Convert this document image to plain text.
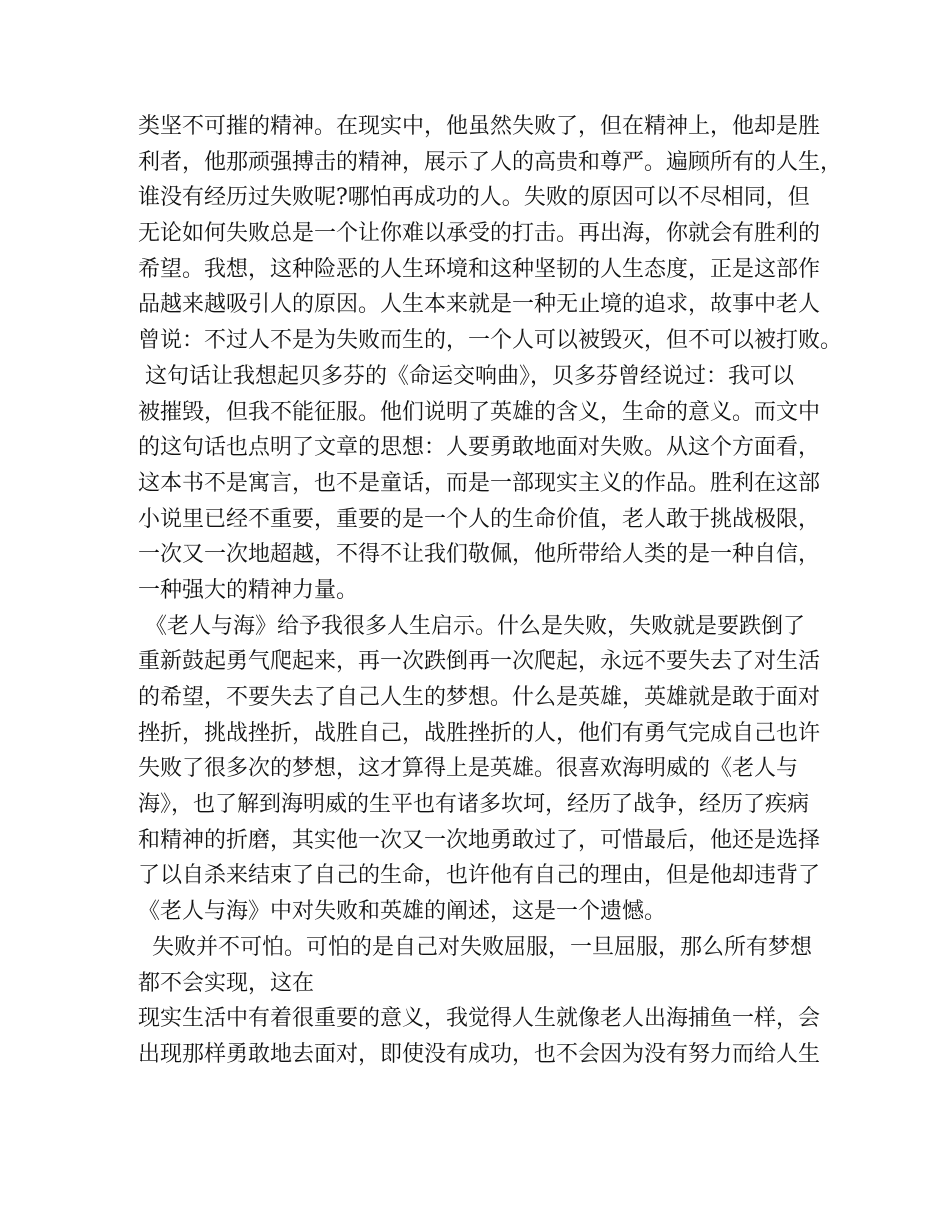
类坚不可摧的精神。在现实中，他虽然失败了，但在精神上，他却是胜
利者，他那顽强搏击的精神，展示了人的高贵和尊严。遍顾所有的人生，
谁没有经历过失败呢?哪怕再成功的人。失败的原因可以不尽相同，但
无论如何失败总是一个让你难以承受的打击。再出海，你就会有胜利的
希望。我想，这种险恶的人生环境和这种坚韧的人生态度，正是这部作
品越来越吸引人的原因。人生本来就是一种无止境的追求，故事中老人
曾说：不过人不是为失败而生的，一个人可以被毁灭，但不可以被打败。
这句话让我想起贝多芬的《命运交响曲》，贝多芬曾经说过：我可以
被摧毁，但我不能征服。他们说明了英雄的含义，生命的意义。而文中
的这句话也点明了文章的思想：人要勇敢地面对失败。从这个方面看，
这本书不是寓言，也不是童话，而是一部现实主义的作品。胜利在这部
小说里已经不重要，重要的是一个人的生命价值，老人敢于挑战极限，
一次又一次地超越，不得不让我们敬佩，他所带给人类的是一种自信，
一种强大的精神力量。
《老人与海》给予我很多人生启示。什么是失败，失败就是要跌倒了
重新鼓起勇气爬起来，再一次跌倒再一次爬起，永远不要失去了对生活
的希望，不要失去了自己人生的梦想。什么是英雄，英雄就是敢于面对
挫折，挑战挫折，战胜自己，战胜挫折的人，他们有勇气完成自己也许
失败了很多次的梦想，这才算得上是英雄。很喜欢海明威的《老人与
海》，也了解到海明威的生平也有诸多坎坷，经历了战争，经历了疾病
和精神的折磨，其实他一次又一次地勇敢过了，可惜最后，他还是选择
了以自杀来结束了自己的生命，也许他有自己的理由，但是他却违背了
《老人与海》中对失败和英雄的阐述，这是一个遗憾。
失败并不可怕。可怕的是自己对失败屈服，一旦屈服，那么所有梦想
都不会实现，这在
现实生活中有着很重要的意义，我觉得人生就像老人出海捕鱼一样，会
出现那样勇敢地去面对，即使没有成功，也不会因为没有努力而给人生
